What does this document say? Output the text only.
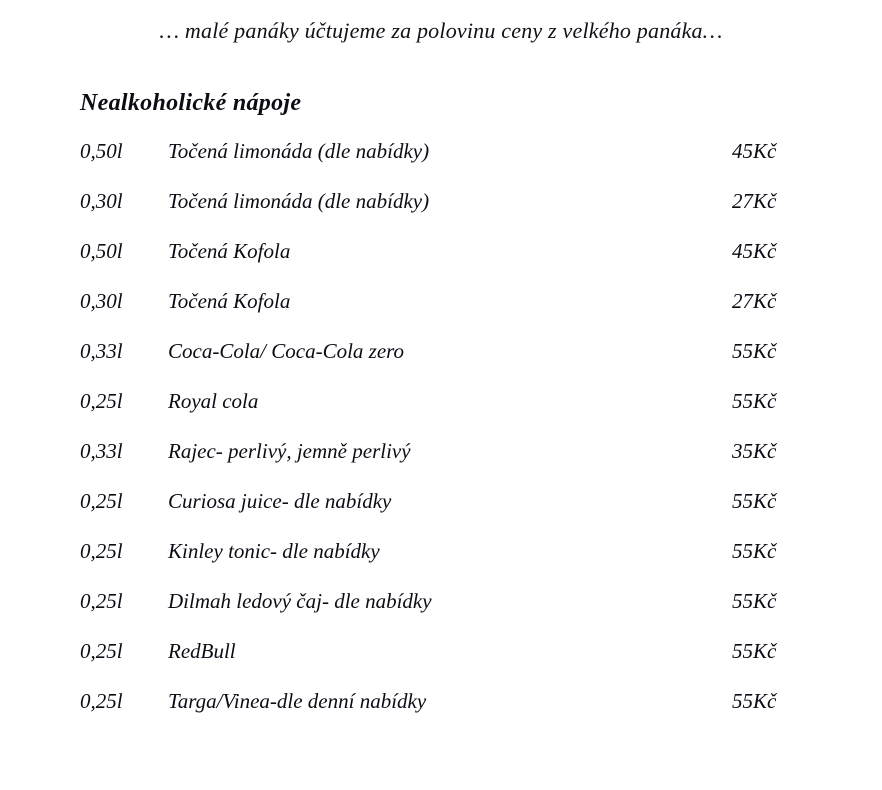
… malé panáky účtujeme za polovinu ceny z velkého panáka…
Nealkoholické nápoje
0,50l	Točená limonáda (dle nabídky)	45Kč
0,30l	Točená limonáda (dle nabídky)	27Kč
0,50l	Točená Kofola	45Kč
0,30l	Točená Kofola	27Kč
0,33l	Coca-Cola/ Coca-Cola zero	55Kč
0,25l	Royal cola	55Kč
0,33l	Rajec- perlivý, jemně perlivý	35Kč
0,25l	Curiosa juice- dle nabídky	55Kč
0,25l	Kinley tonic- dle nabídky	55Kč
0,25l	Dilmah ledový čaj- dle nabídky	55Kč
0,25l	RedBull	55Kč
0,25l	Targa/Vinea-dle denní nabídky	55Kč
